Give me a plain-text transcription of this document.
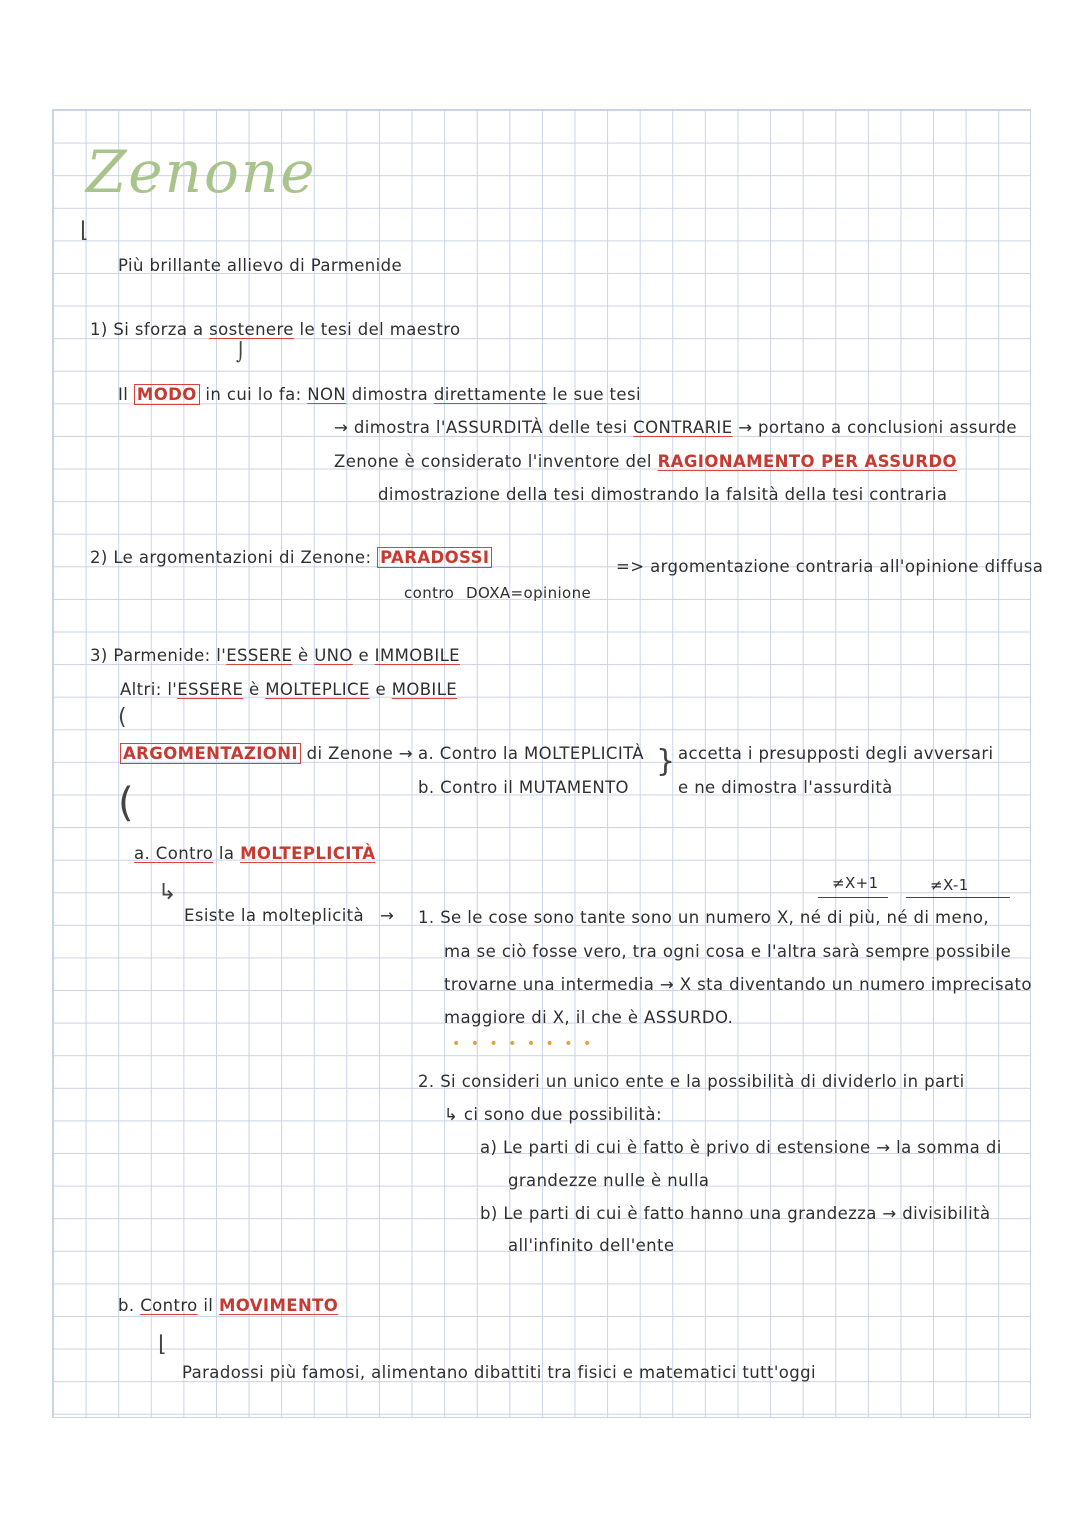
Zenone
⌊
Più brillante allievo di Parmenide
1) Si sforza a sostenere le tesi del maestro
⌡
Il MODO in cui lo fa: NON dimostra direttamente le sue tesi
→ dimostra l'ASSURDITÀ delle tesi CONTRARIE → portano a conclusioni assurde
Zenone è considerato l'inventore del RAGIONAMENTO PER ASSURDO
dimostrazione della tesi dimostrando la falsità della tesi contraria
2) Le argomentazioni di Zenone: PARADOSSI
contro DOXA=opinione
=> argomentazione contraria all'opinione diffusa
3) Parmenide: l'ESSERE è UNO e IMMOBILE
Altri: l'ESSERE è MOLTEPLICE e MOBILE
(
ARGOMENTAZIONI di Zenone → a. Contro la MOLTEPLICITÀ
b. Contro il MUTAMENTO
} accetta i presupposti degli avversari
e ne dimostra l'assurdità
(
a. Contro la MOLTEPLICITÀ
↳
Esiste la molteplicità →
≠X+1	≠X-1
1. Se le cose sono tante sono un numero X, né di più, né di meno,
ma se ciò fosse vero, tra ogni cosa e l'altra sarà sempre possibile
trovarne una intermedia → X sta diventando un numero imprecisato
maggiore di X, il che è ASSURDO.
• • • • • • • •
2. Si consideri un unico ente e la possibilità di dividerlo in parti
↳ ci sono due possibilità:
a) Le parti di cui è fatto è privo di estensione → la somma di
grandezze nulle è nulla
b) Le parti di cui è fatto hanno una grandezza → divisibilità
all'infinito dell'ente
b. Contro il MOVIMENTO
⌊
Paradossi più famosi, alimentano dibattiti tra fisici e matematici tutt'oggi
